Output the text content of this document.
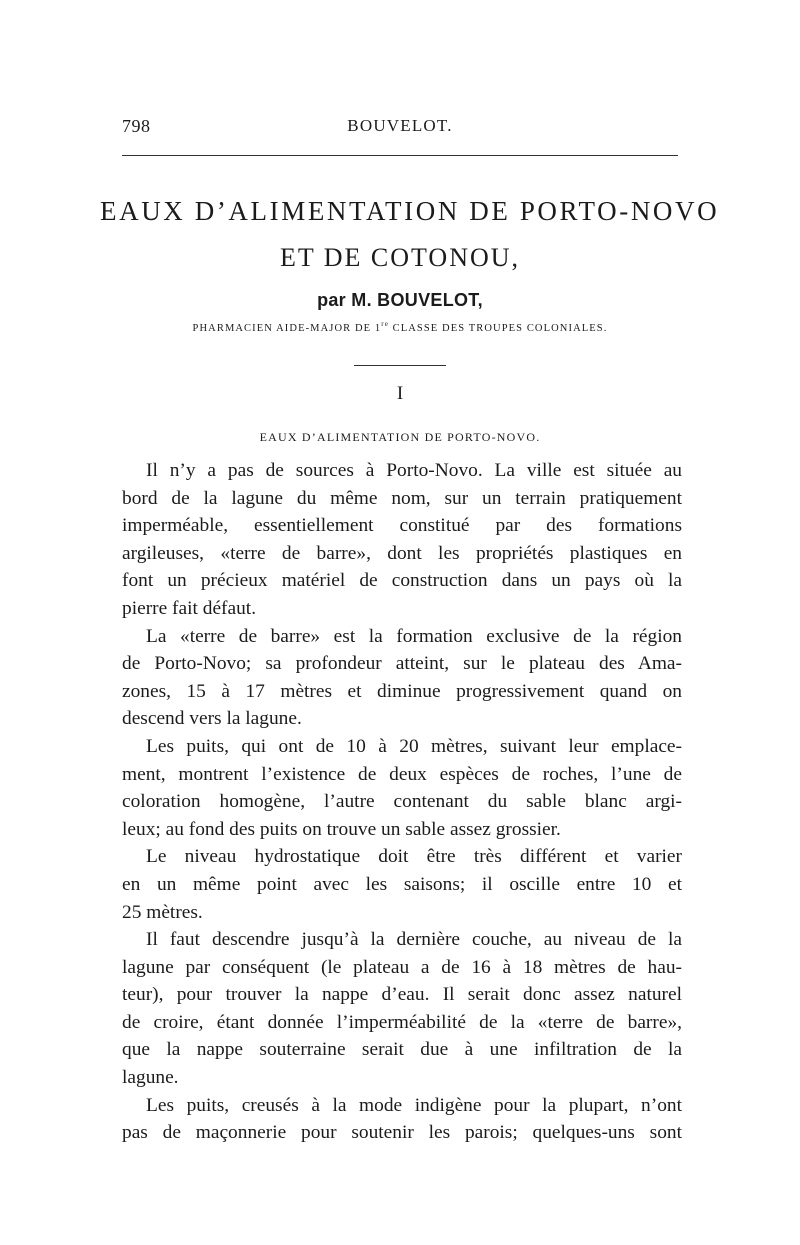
798	BOUVELOT.
EAUX D’ALIMENTATION DE PORTO-NOVO
ET DE COTONOU,
par M. BOUVELOT,
PHARMACIEN AIDE-MAJOR DE 1re CLASSE DES TROUPES COLONIALES.
I
EAUX D’ALIMENTATION DE PORTO-NOVO.
Il n’y a pas de sources à Porto-Novo. La ville est située au
bord de la lagune du même nom, sur un terrain pratiquement
imperméable, essentiellement constitué par des formations
argileuses, «terre de barre», dont les propriétés plastiques en
font un précieux matériel de construction dans un pays où la
pierre fait défaut.
La «terre de barre» est la formation exclusive de la région
de Porto-Novo; sa profondeur atteint, sur le plateau des Ama-
zones, 15 à 17 mètres et diminue progressivement quand on
descend vers la lagune.
Les puits, qui ont de 10 à 20 mètres, suivant leur emplace-
ment, montrent l’existence de deux espèces de roches, l’une de
coloration homogène, l’autre contenant du sable blanc argi-
leux; au fond des puits on trouve un sable assez grossier.
Le niveau hydrostatique doit être très différent et varier
en un même point avec les saisons; il oscille entre 10 et
25 mètres.
Il faut descendre jusqu’à la dernière couche, au niveau de la
lagune par conséquent (le plateau a de 16 à 18 mètres de hau-
teur), pour trouver la nappe d’eau. Il serait donc assez naturel
de croire, étant donnée l’imperméabilité de la «terre de barre»,
que la nappe souterraine serait due à une infiltration de la
lagune.
Les puits, creusés à la mode indigène pour la plupart, n’ont
pas de maçonnerie pour soutenir les parois; quelques-uns sont
